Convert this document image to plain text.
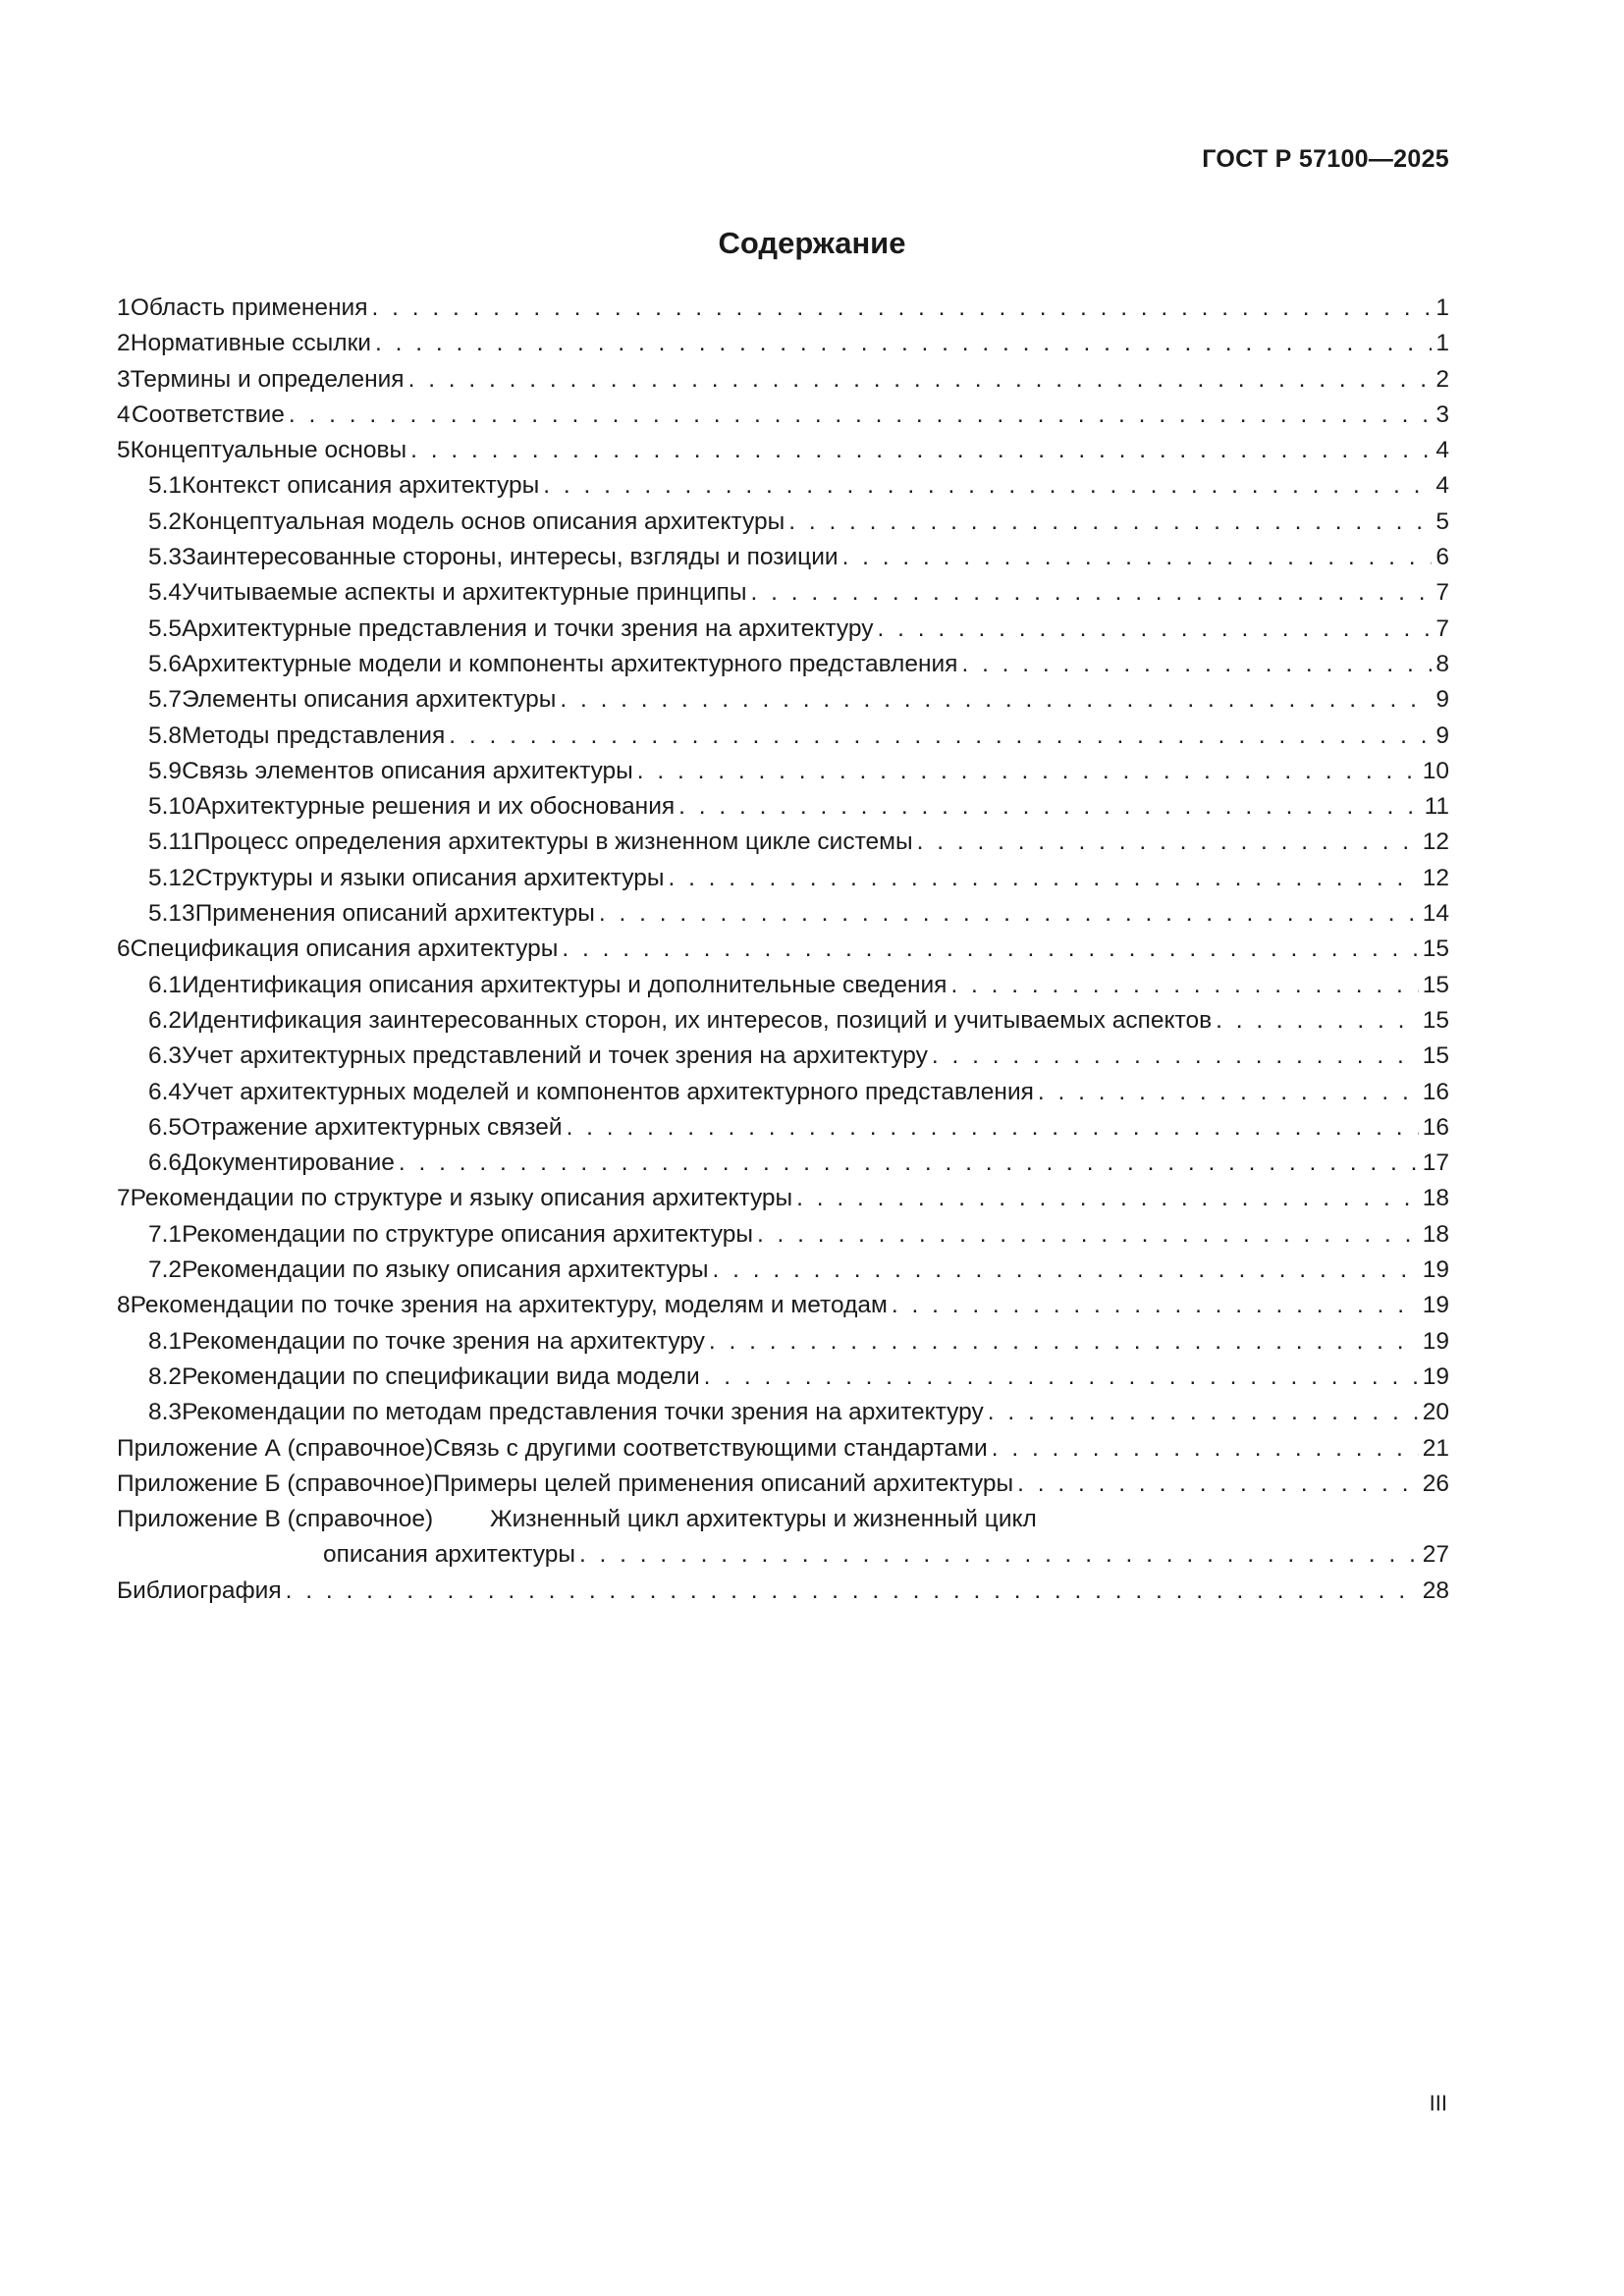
ГОСТ Р 57100—2025
Содержание
1 Область применения . . .	1
2 Нормативные ссылки . . .	1
3 Термины и определения . . .	2
4 Соответствие . . .	3
5 Концептуальные основы . . .	4
5.1 Контекст описания архитектуры . . .	4
5.2 Концептуальная модель основ описания архитектуры . . .	5
5.3 Заинтересованные стороны, интересы, взгляды и позиции . . .	6
5.4 Учитываемые аспекты и архитектурные принципы . . .	7
5.5 Архитектурные представления и точки зрения на архитектуру . . .	7
5.6 Архитектурные модели и компоненты архитектурного представления . . .	8
5.7 Элементы описания архитектуры . . .	9
5.8 Методы представления . . .	9
5.9 Связь элементов описания архитектуры . . .	10
5.10 Архитектурные решения и их обоснования . . .	11
5.11 Процесс определения архитектуры в жизненном цикле системы . . .	12
5.12 Структуры и языки описания архитектуры . . .	12
5.13 Применения описаний архитектуры . . .	14
6 Спецификация описания архитектуры . . .	15
6.1 Идентификация описания архитектуры и дополнительные сведения . . .	15
6.2 Идентификация заинтересованных сторон, их интересов, позиций и учитываемых аспектов . . .	15
6.3 Учет архитектурных представлений и точек зрения на архитектуру . . .	15
6.4 Учет архитектурных моделей и компонентов архитектурного представления . . .	16
6.5 Отражение архитектурных связей . . .	16
6.6 Документирование . . .	17
7 Рекомендации по структуре и языку описания архитектуры . . .	18
7.1 Рекомендации по структуре описания архитектуры . . .	18
7.2 Рекомендации по языку описания архитектуры . . .	19
8 Рекомендации по точке зрения на архитектуру, моделям и методам . . .	19
8.1 Рекомендации по точке зрения на архитектуру . . .	19
8.2 Рекомендации по спецификации вида модели . . .	19
8.3 Рекомендации по методам представления точки зрения на архитектуру . . .	20
Приложение А (справочное) Связь с другими соответствующими стандартами . . .	21
Приложение Б (справочное) Примеры целей применения описаний архитектуры . . .	26
Приложение В (справочное)	Жизненный цикл архитектуры и жизненный цикл
описания архитектуры . . .	27
Библиография . . .	28
III
